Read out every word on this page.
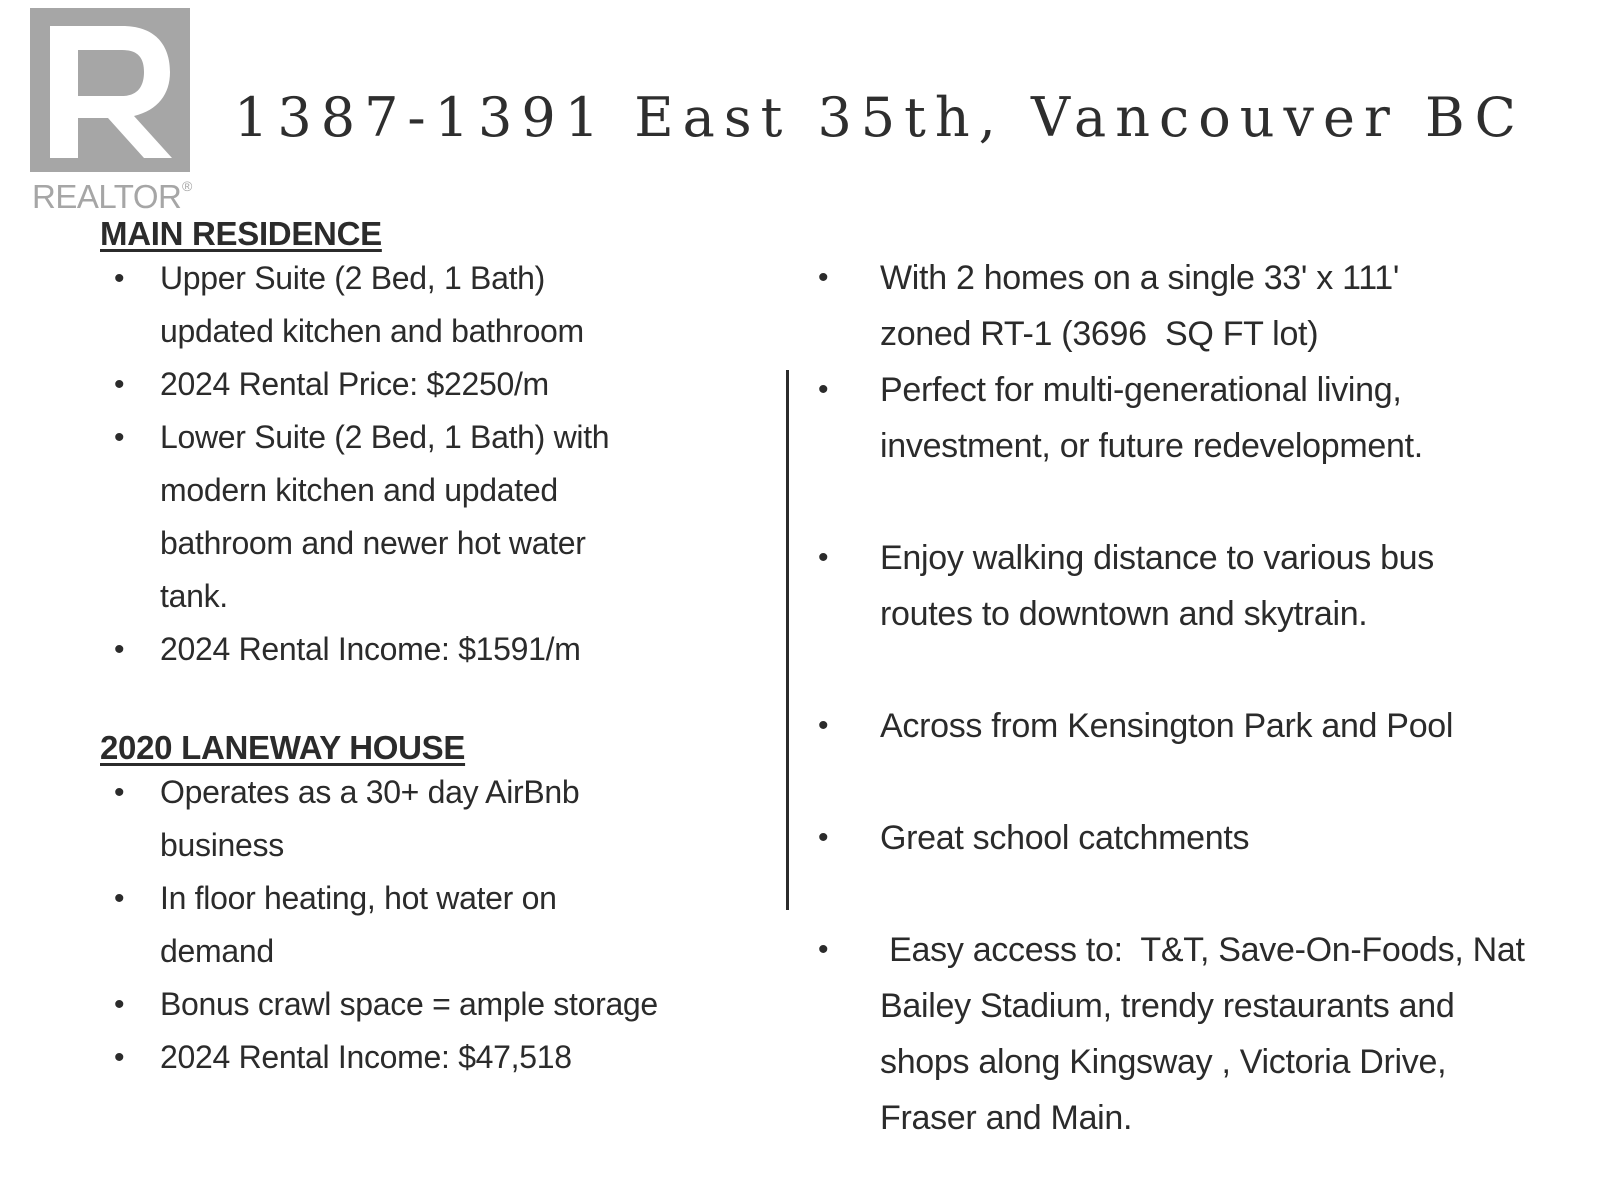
REALTOR ®
1387-1391 East 35th, Vancouver BC
MAIN RESIDENCE
• Upper Suite (2 Bed, 1 Bath) updated kitchen and bathroom
• 2024 Rental Price: $2250/m
• Lower Suite (2 Bed, 1 Bath) with modern kitchen and updated bathroom and newer hot water tank.
• 2024 Rental Income: $1591/m
2020 LANEWAY HOUSE
• Operates as a 30+ day AirBnb business
• In floor heating, hot water on demand
• Bonus crawl space = ample storage
• 2024 Rental Income: $47,518
• With 2 homes on a single 33' x 111' zoned RT-1 (3696  SQ FT lot)
• Perfect for multi-generational living, investment, or future redevelopment.
• Enjoy walking distance to various bus routes to downtown and skytrain.
• Across from Kensington Park and Pool
• Great school catchments
• Easy access to:  T&T, Save-On-Foods, Nat Bailey Stadium, trendy restaurants and shops along Kingsway , Victoria Drive, Fraser and Main.
